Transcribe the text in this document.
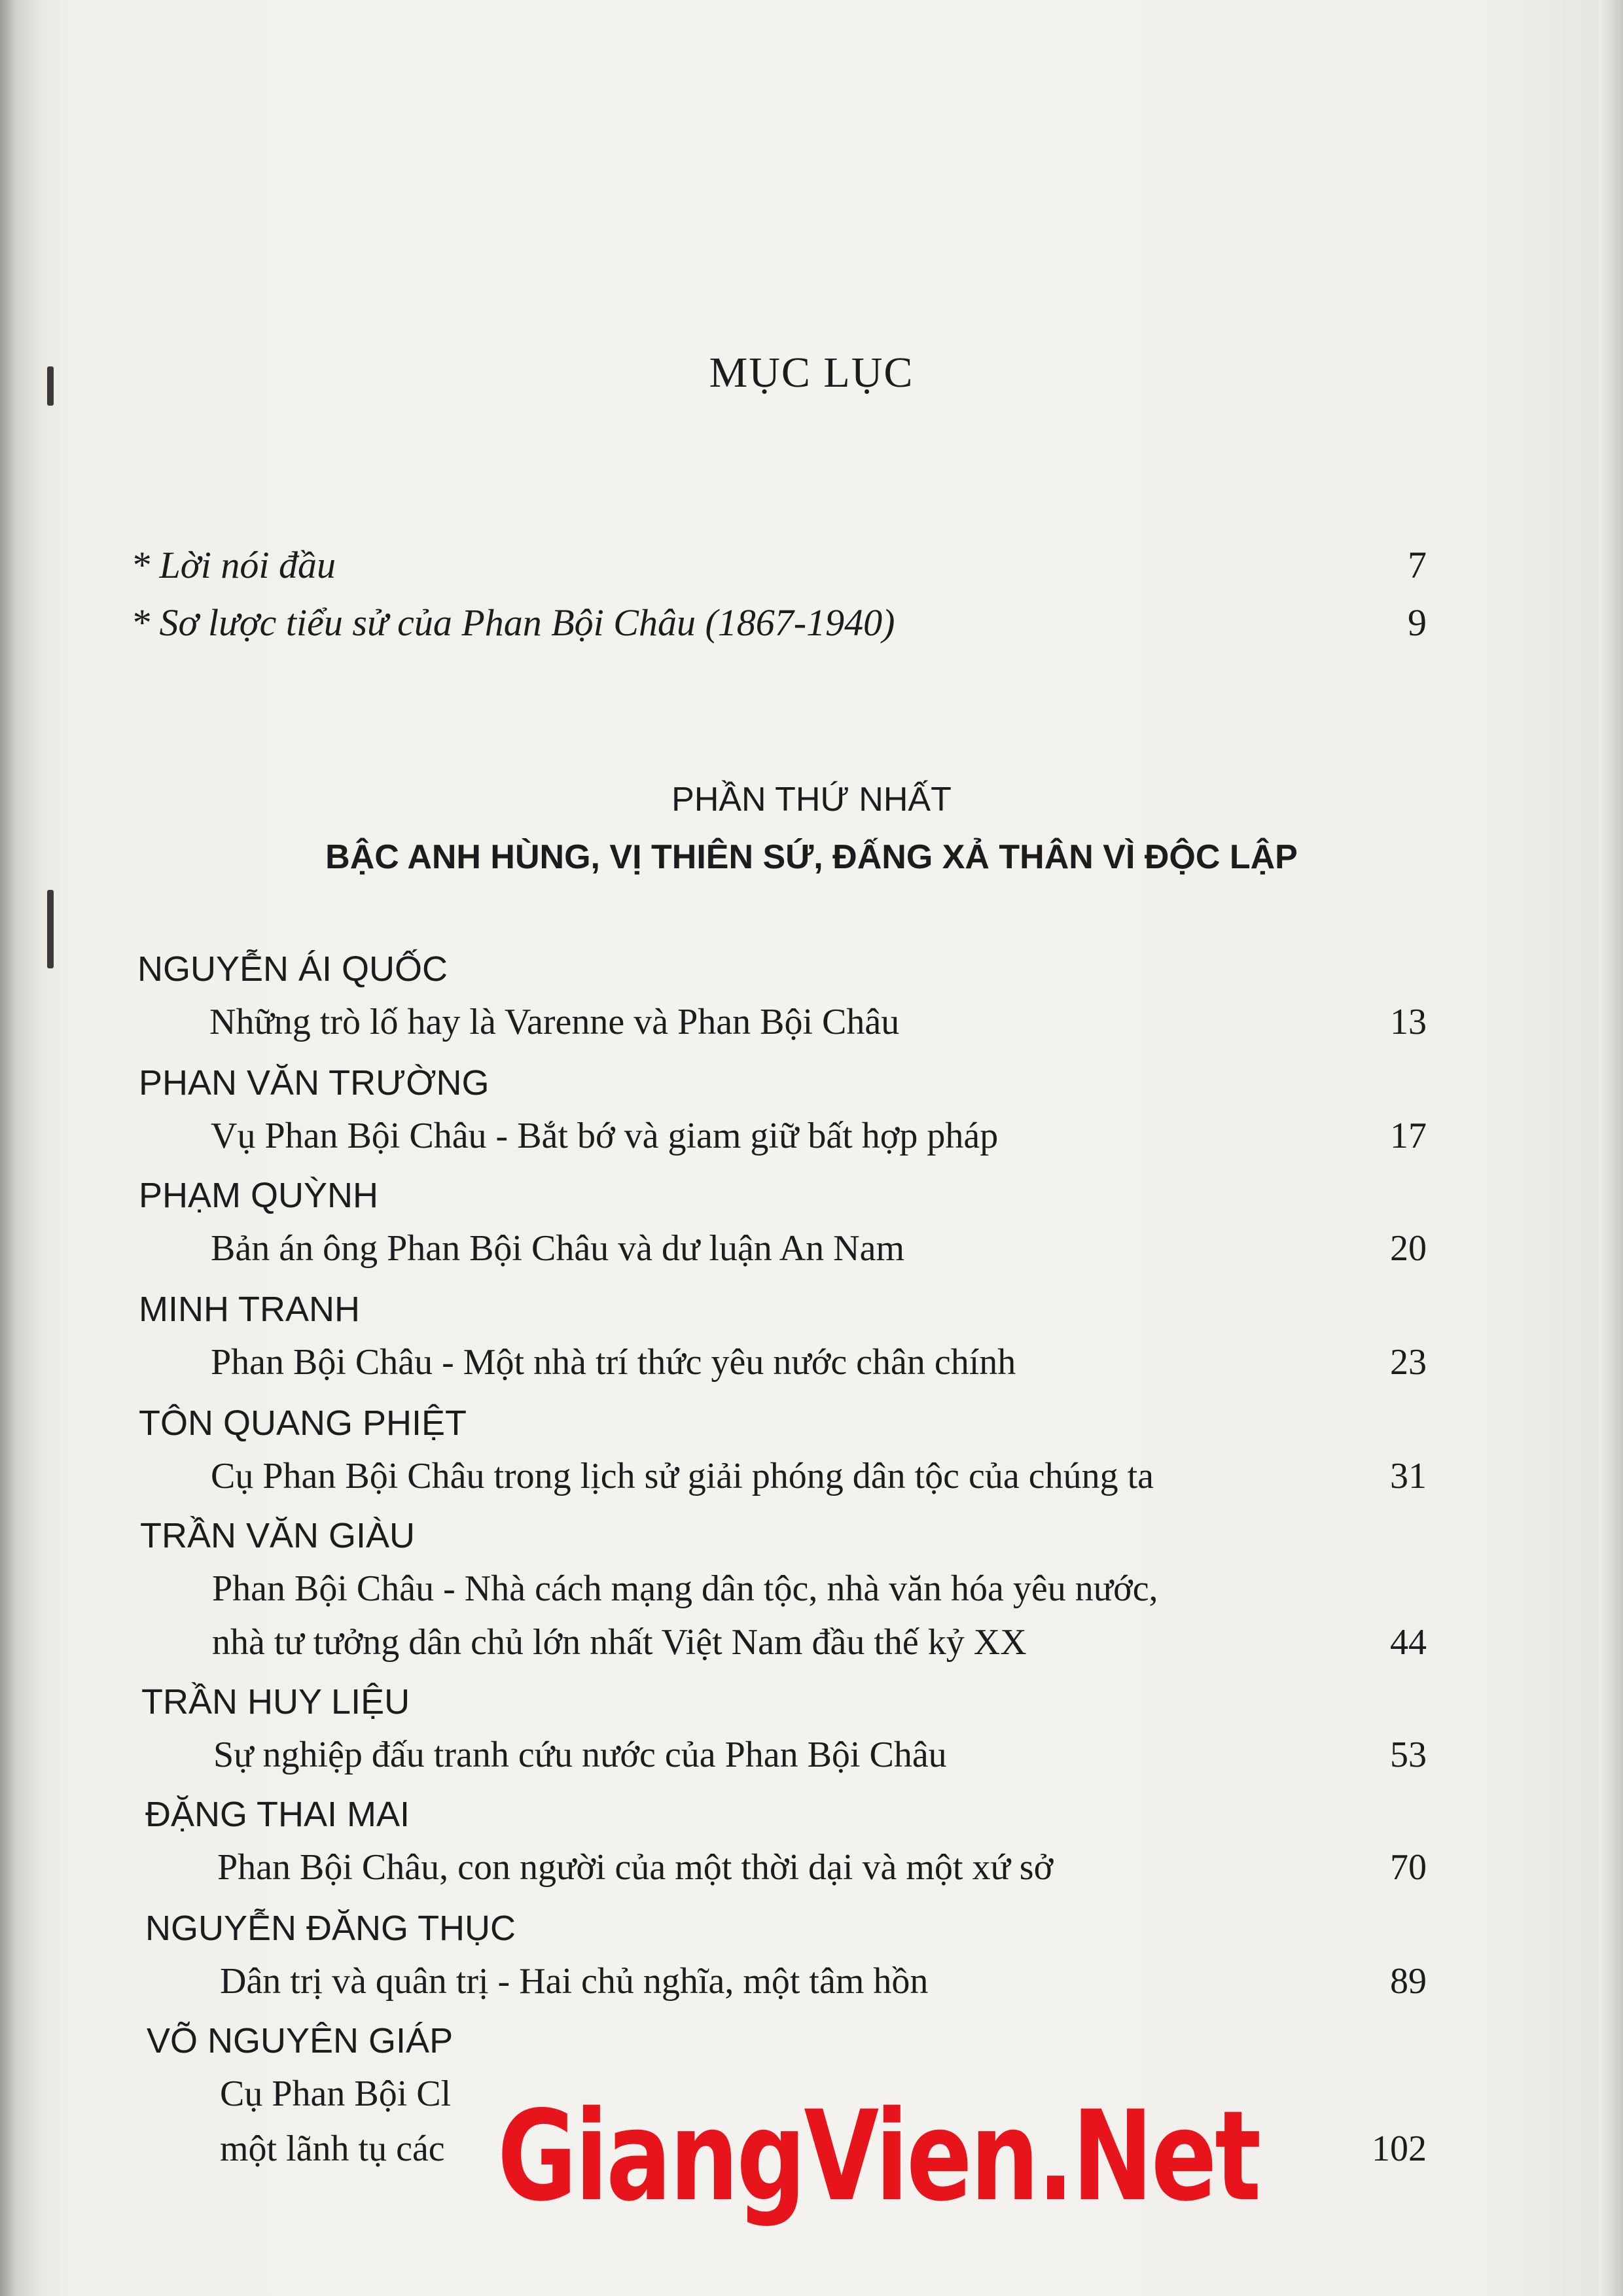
MỤC LỤC
* Lời nói đầu	7
* Sơ lược tiểu sử của Phan Bội Châu (1867-1940)	9
PHẦN THỨ NHẤT
BẬC ANH HÙNG, VỊ THIÊN SỨ, ĐẤNG XẢ THÂN VÌ ĐỘC LẬP
NGUYỄN ÁI QUỐC
Những trò lố hay là Varenne và Phan Bội Châu	13
PHAN VĂN TRƯỜNG
Vụ Phan Bội Châu - Bắt bớ và giam giữ bất hợp pháp	17
PHẠM QUỲNH
Bản án ông Phan Bội Châu và dư luận An Nam	20
MINH TRANH
Phan Bội Châu - Một nhà trí thức yêu nước chân chính	23
TÔN QUANG PHIỆT
Cụ Phan Bội Châu trong lịch sử giải phóng dân tộc của chúng ta	31
TRẦN VĂN GIÀU
Phan Bội Châu - Nhà cách mạng dân tộc, nhà văn hóa yêu nước,
nhà tư tưởng dân chủ lớn nhất Việt Nam đầu thế kỷ XX	44
TRẦN HUY LIỆU
Sự nghiệp đấu tranh cứu nước của Phan Bội Châu	53
ĐẶNG THAI MAI
Phan Bội Châu, con người của một thời dại và một xứ sở	70
NGUYỄN ĐĂNG THỤC
Dân trị và quân trị - Hai chủ nghĩa, một tâm hồn	89
VÕ NGUYÊN GIÁP
Cụ Phan Bội Cl
một lãnh tụ các	102
GiangVien.Net
